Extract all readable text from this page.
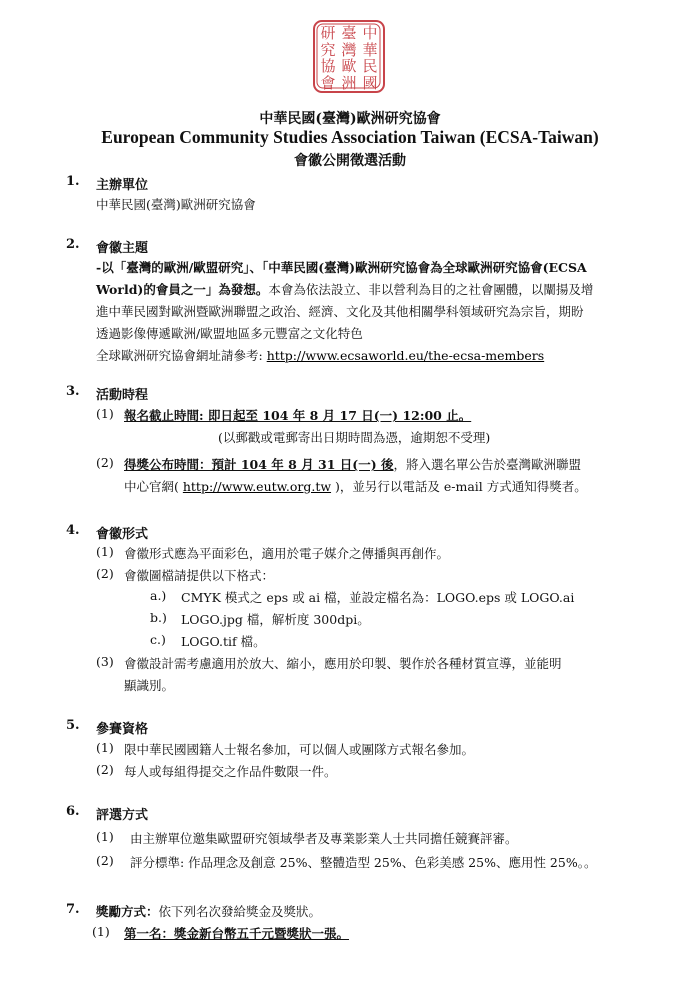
中華民國
臺灣歐洲
研究協會
中華民國(臺灣)歐洲研究協會
European Community Studies Association Taiwan (ECSA-Taiwan)
會徽公開徵選活動
1. 主辦單位
中華民國(臺灣)歐洲研究協會
2. 會徽主題
-以「臺灣的歐洲/歐盟研究」、「中華民國(臺灣)歐洲研究協會為全球歐洲研究協會(ECSA
World)的會員之一」為發想。本會為依法設立、非以營利為目的之社會團體，以闡揚及增
進中華民國對歐洲暨歐洲聯盟之政治、經濟、文化及其他相關學科領域研究為宗旨，期盼
透過影像傳遞歐洲/歐盟地區多元豐富之文化特色
全球歐洲研究協會網址請參考: http://www.ecsaworld.eu/the-ecsa-members
3. 活動時程
(1) 報名截止時間: 即日起至 104 年 8 月 17 日(一) 12:00 止。
(以郵戳或電郵寄出日期時間為憑，逾期恕不受理)
(2) 得獎公布時間：預計 104 年 8 月 31 日(一) 後，將入選名單公告於臺灣歐洲聯盟
中心官網( http://www.eutw.org.tw )，並另行以電話及 e-mail 方式通知得獎者。
4. 會徽形式
(1) 會徽形式應為平面彩色，適用於電子媒介之傳播與再創作。
(2) 會徽圖檔請提供以下格式：
a.) CMYK 模式之 eps 或 ai 檔，並設定檔名為：LOGO.eps 或 LOGO.ai
b.) LOGO.jpg 檔，解析度 300dpi。
c.) LOGO.tif 檔。
(3) 會徽設計需考慮適用於放大、縮小，應用於印製、製作於各種材質宣導，並能明
顯識別。
5. 參賽資格
(1) 限中華民國國籍人士報名參加，可以個人或團隊方式報名參加。
(2) 每人或每組得提交之作品件數限一件。
6. 評選方式
(1) 由主辦單位邀集歐盟研究領域學者及專業影業人士共同擔任競賽評審。
(2) 評分標準: 作品理念及創意 25%、整體造型 25%、色彩美感 25%、應用性 25%。。
7. 獎勵方式：依下列名次發給獎金及獎狀。
(1) 第一名：獎金新台幣五千元暨獎狀一張。
